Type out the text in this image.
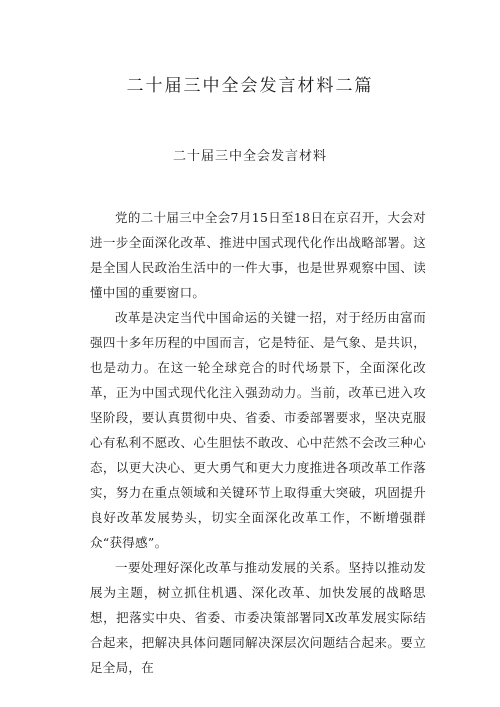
二十届三中全会发言材料二篇
二十届三中全会发言材料

党的二十届三中全会7月15日至18日在京召开，大会对进一步全面深化改革、推进中国式现代化作出战略部署。这是全国人民政治生活中的一件大事，也是世界观察中国、读懂中国的重要窗口。

改革是决定当代中国命运的关键一招，对于经历由富而强四十多年历程的中国而言，它是特征、是气象、是共识，也是动力。在这一轮全球竞合的时代场景下，全面深化改革，正为中国式现代化注入强劲动力。当前，改革已进入攻坚阶段，要认真贯彻中央、省委、市委部署要求，坚决克服心有私利不愿改、心生胆怯不敢改、心中茫然不会改三种心态，以更大决心、更大勇气和更大力度推进各项改革工作落实，努力在重点领域和关键环节上取得重大突破，巩固提升良好改革发展势头，切实全面深化改革工作，不断增强群众“获得感”。

一要处理好深化改革与推动发展的关系。坚持以推动发展为主题，树立抓住机遇、深化改革、加快发展的战略思想，把落实中央、省委、市委决策部署同X改革发展实际结合起来，把解决具体问题同解决深层次问题结合起来。要立足全局，在
